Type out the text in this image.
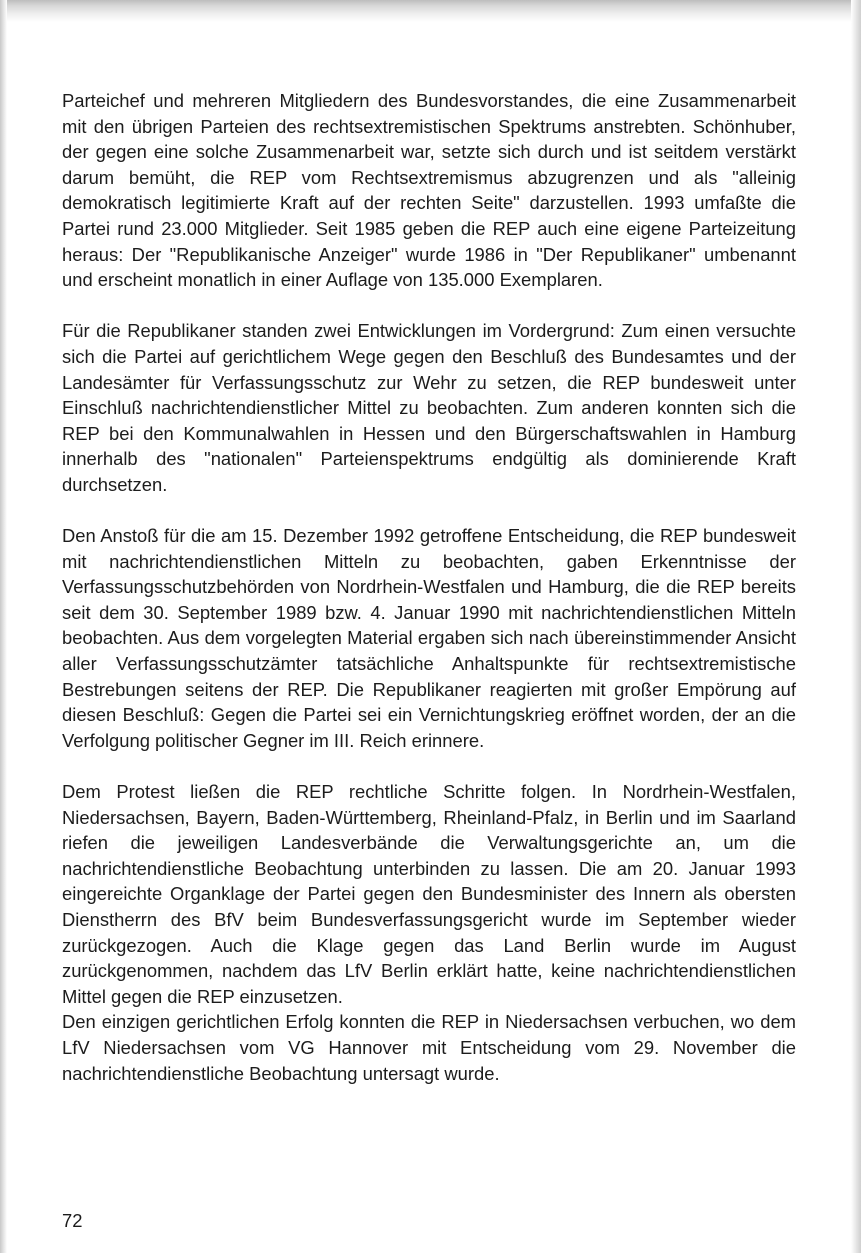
Parteichef und mehreren Mitgliedern des Bundesvorstandes, die eine Zusammenarbeit mit den übrigen Parteien des rechtsextremistischen Spektrums anstrebten. Schönhuber, der gegen eine solche Zusammenarbeit war, setzte sich durch und ist seitdem verstärkt darum bemüht, die REP vom Rechtsextremismus abzugrenzen und als "alleinig demokratisch legitimierte Kraft auf der rechten Seite" darzustellen. 1993 umfaßte die Partei rund 23.000 Mitglieder. Seit 1985 geben die REP auch eine eigene Parteizeitung heraus: Der "Republikanische Anzeiger" wurde 1986 in "Der Republikaner" umbenannt und erscheint monatlich in einer Auflage von 135.000 Exemplaren.

Für die Republikaner standen zwei Entwicklungen im Vordergrund: Zum einen versuchte sich die Partei auf gerichtlichem Wege gegen den Beschluß des Bundesamtes und der Landesämter für Verfassungsschutz zur Wehr zu setzen, die REP bundesweit unter Einschluß nachrichtendienstlicher Mittel zu beobachten. Zum anderen konnten sich die REP bei den Kommunalwahlen in Hessen und den Bürgerschaftswahlen in Hamburg innerhalb des "nationalen" Parteienspektrums endgültig als dominierende Kraft durchsetzen.

Den Anstoß für die am 15. Dezember 1992 getroffene Entscheidung, die REP bundesweit mit nachrichtendienstlichen Mitteln zu beobachten, gaben Erkenntnisse der Verfassungsschutzbehörden von Nordrhein-Westfalen und Hamburg, die die REP bereits seit dem 30. September 1989 bzw. 4. Januar 1990 mit nachrichtendienstlichen Mitteln beobachten. Aus dem vorgelegten Material ergaben sich nach übereinstimmender Ansicht aller Verfassungsschutzämter tatsächliche Anhaltspunkte für rechtsextremistische Bestrebungen seitens der REP. Die Republikaner reagierten mit großer Empörung auf diesen Beschluß: Gegen die Partei sei ein Vernichtungskrieg eröffnet worden, der an die Verfolgung politischer Gegner im III. Reich erinnere.

Dem Protest ließen die REP rechtliche Schritte folgen. In Nordrhein-Westfalen, Niedersachsen, Bayern, Baden-Württemberg, Rheinland-Pfalz, in Berlin und im Saarland riefen die jeweiligen Landesverbände die Verwaltungsgerichte an, um die nachrichtendienstliche Beobachtung unterbinden zu lassen. Die am 20. Januar 1993 eingereichte Organklage der Partei gegen den Bundesminister des Innern als obersten Dienstherrn des BfV beim Bundesverfassungsgericht wurde im September wieder zurückgezogen. Auch die Klage gegen das Land Berlin wurde im August zurückgenommen, nachdem das LfV Berlin erklärt hatte, keine nachrichtendienstlichen Mittel gegen die REP einzusetzen.

Den einzigen gerichtlichen Erfolg konnten die REP in Niedersachsen verbuchen, wo dem LfV Niedersachsen vom VG Hannover mit Entscheidung vom 29. November die nachrichtendienstliche Beobachtung untersagt wurde.

72
